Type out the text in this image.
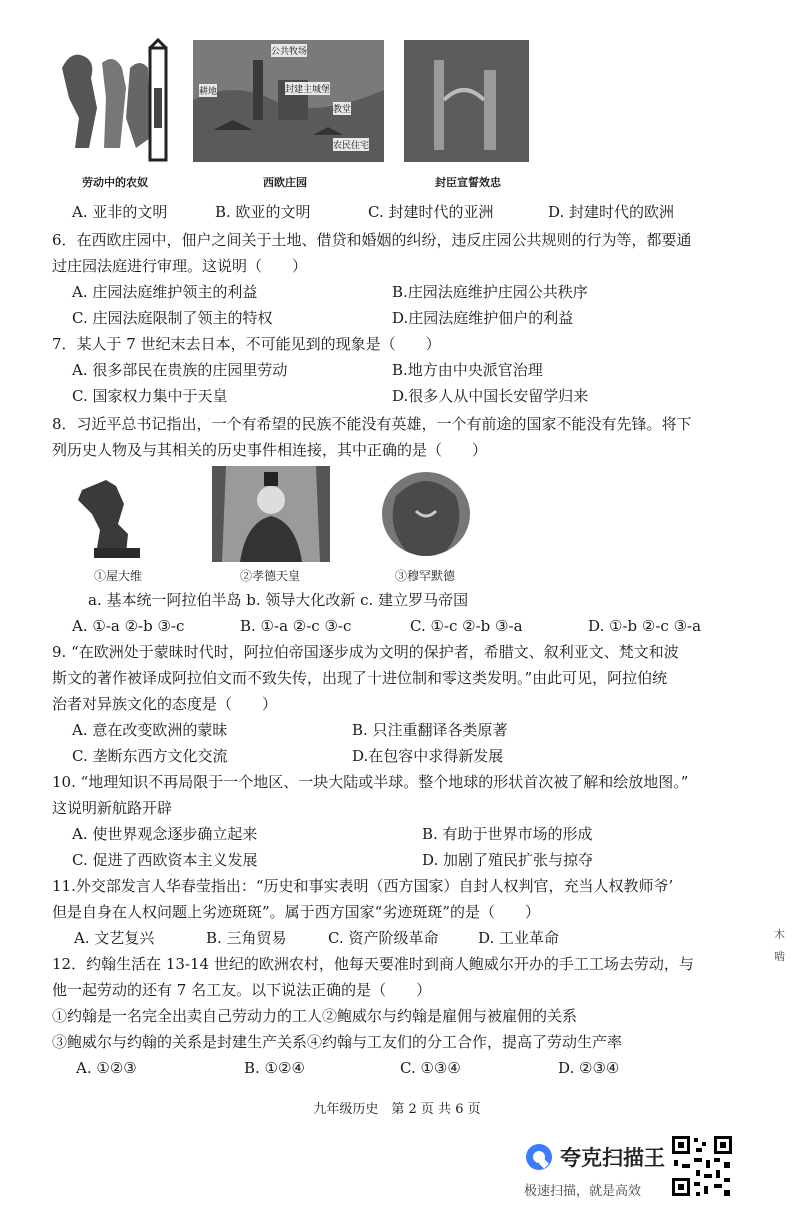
公共牧场
封建主城堡
耕地
教堂
农民住宅
劳动中的农奴	西欧庄园	封臣宣誓效忠
A. 亚非的文明	B. 欧亚的文明	C. 封建时代的亚洲	D. 封建时代的欧洲
6．在西欧庄园中，佃户之间关于土地、借贷和婚姻的纠纷，违反庄园公共规则的行为等，都要通
过庄园法庭进行审理。这说明（　　）
A. 庄园法庭维护领主的利益	B.庄园法庭维护庄园公共秩序
C. 庄园法庭限制了领主的特权	D.庄园法庭维护佃户的利益
7．某人于 7 世纪末去日本，不可能见到的现象是（　　）
A. 很多部民在贵族的庄园里劳动	B.地方由中央派官治理
C. 国家权力集中于天皇	D.很多人从中国长安留学归来
8．习近平总书记指出，一个有希望的民族不能没有英雄，一个有前途的国家不能没有先锋。将下
列历史人物及与其相关的历史事件相连接，其中正确的是（　　）
①屋大维	②孝德天皇	③穆罕默德
a. 基本统一阿拉伯半岛 b. 领导大化改新 c. 建立罗马帝国
A. ①-a ②-b ③-c	B. ①-a ②-c ③-c	C. ①-c ②-b ③-a	D. ①-b ②-c ③-a
9. “在欧洲处于蒙昧时代时，阿拉伯帝国逐步成为文明的保护者，希腊文、叙利亚文、梵文和波
斯文的著作被译成阿拉伯文而不致失传，出现了十进位制和零这类发明。”由此可见，阿拉伯统
治者对异族文化的态度是（　　）
A. 意在改变欧洲的蒙昧	B. 只注重翻译各类原著
C. 垄断东西方文化交流	D.在包容中求得新发展
10. “地理知识不再局限于一个地区、一块大陆或半球。整个地球的形状首次被了解和绘放地图。”
这说明新航路开辟
A. 使世界观念逐步确立起来	B. 有助于世界市场的形成
C. 促进了西欧资本主义发展	D. 加剧了殖民扩张与掠夺
11.外交部发言人华春莹指出：“历史和事实表明（西方国家）自封人权判官，充当人权教师爷’
但是自身在人权问题上劣迹斑斑”。属于西方国家“劣迹斑斑”的是（　　）
A. 文艺复兴	B. 三角贸易	C. 资产阶级革命	D. 工业革命
12．约翰生活在 13-14 世纪的欧洲农村，他每天要准时到商人鲍威尔开办的手工工场去劳动，与
他一起劳动的还有 7 名工友。以下说法正确的是（　　）
①约翰是一名完全出卖自己劳动力的工人②鲍威尔与约翰是雇佣与被雇佣的关系
③鲍威尔与约翰的关系是封建生产关系④约翰与工友们的分工合作，提高了劳动生产率
A. ①②③	B. ①②④	C. ①③④	D. ②③④
木
啮
九年级历史　第 2 页 共 6 页
夸克扫描王
极速扫描，就是高效
